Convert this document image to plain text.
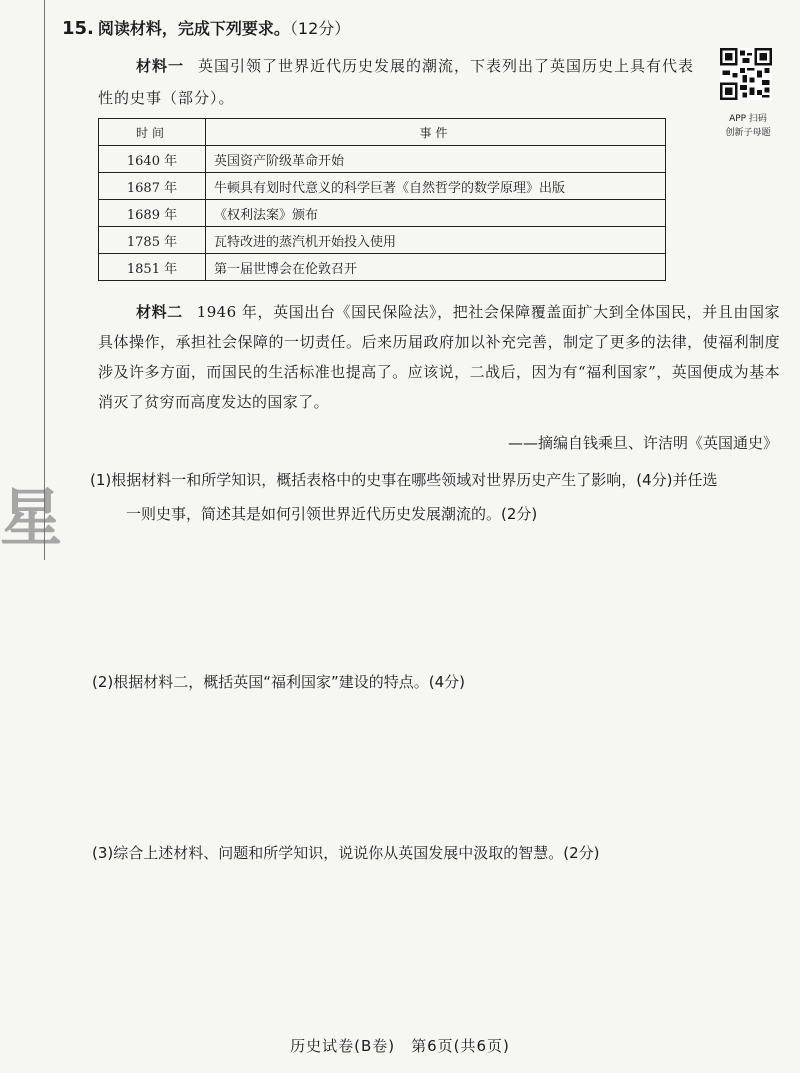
15. 阅读材料，完成下列要求。（12分）
材料一 英国引领了世界近代历史发展的潮流，下表列出了英国历史上具有代表性的史事（部分）。
APP 扫码
创新子母题
时间	事件
1640 年	英国资产阶级革命开始
1687 年	牛顿具有划时代意义的科学巨著《自然哲学的数学原理》出版
1689 年	《权利法案》颁布
1785 年	瓦特改进的蒸汽机开始投入使用
1851 年	第一届世博会在伦敦召开
材料二 1946 年，英国出台《国民保险法》，把社会保障覆盖面扩大到全体国民，并且由国家具体操作，承担社会保障的一切责任。后来历届政府加以补充完善，制定了更多的法律，使福利制度涉及许多方面，而国民的生活标准也提高了。应该说，二战后，因为有“福利国家”，英国便成为基本消灭了贫穷而高度发达的国家了。
——摘编自钱乘旦、许洁明《英国通史》
星
(1)根据材料一和所学知识，概括表格中的史事在哪些领域对世界历史产生了影响，(4分)并任选
一则史事，简述其是如何引领世界近代历史发展潮流的。(2分)
(2)根据材料二，概括英国“福利国家”建设的特点。(4分)
(3)综合上述材料、问题和所学知识，说说你从英国发展中汲取的智慧。(2分)
历史试卷(B卷)　第6页(共6页)
